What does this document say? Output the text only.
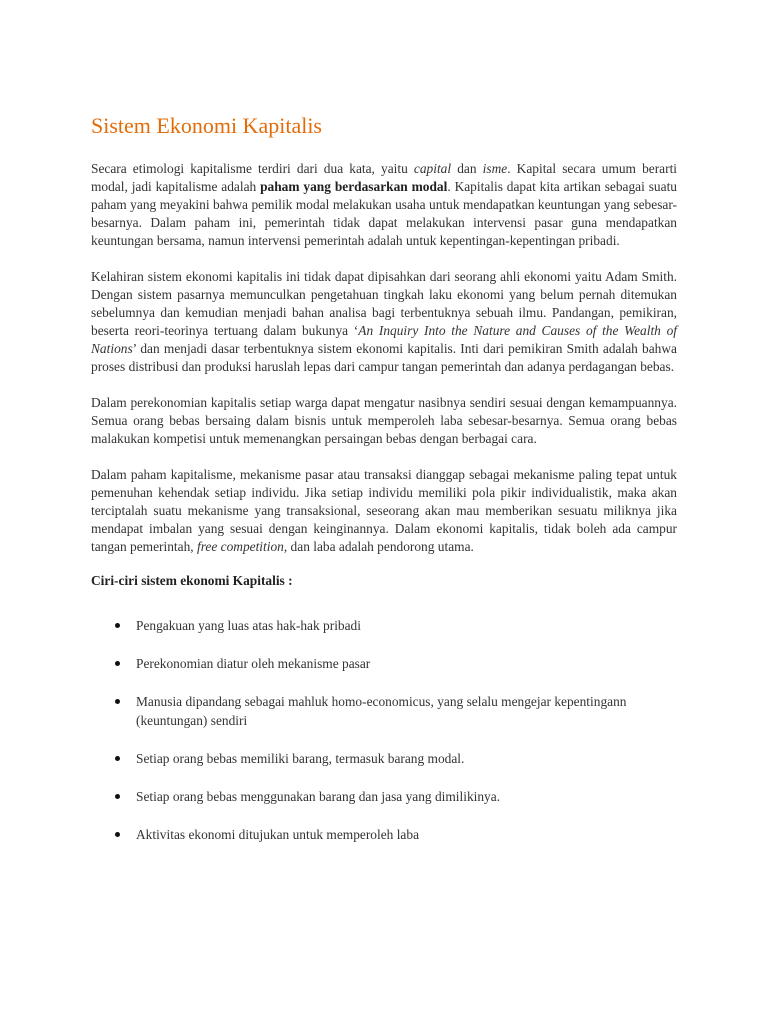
Sistem Ekonomi Kapitalis

Secara etimologi kapitalisme terdiri dari dua kata, yaitu capital dan isme. Kapital secara umum berarti modal, jadi kapitalisme adalah paham yang berdasarkan modal. Kapitalis dapat kita artikan sebagai suatu paham yang meyakini bahwa pemilik modal melakukan usaha untuk mendapatkan keuntungan yang sebesar-besarnya. Dalam paham ini, pemerintah tidak dapat melakukan intervensi pasar guna mendapatkan keuntungan bersama, namun intervensi pemerintah adalah untuk kepentingan-kepentingan pribadi.

Kelahiran sistem ekonomi kapitalis ini tidak dapat dipisahkan dari seorang ahli ekonomi yaitu Adam Smith. Dengan sistem pasarnya memunculkan pengetahuan tingkah laku ekonomi yang belum pernah ditemukan sebelumnya dan kemudian menjadi bahan analisa bagi terbentuknya sebuah ilmu. Pandangan, pemikiran, beserta reori-teorinya tertuang dalam bukunya ‘An Inquiry Into the Nature and Causes of the Wealth of Nations’ dan menjadi dasar terbentuknya sistem ekonomi kapitalis. Inti dari pemikiran Smith adalah bahwa proses distribusi dan produksi haruslah lepas dari campur tangan pemerintah dan adanya perdagangan bebas.

Dalam perekonomian kapitalis setiap warga dapat mengatur nasibnya sendiri sesuai dengan kemampuannya. Semua orang bebas bersaing dalam bisnis untuk memperoleh laba sebesar-besarnya. Semua orang bebas malakukan kompetisi untuk memenangkan persaingan bebas dengan berbagai cara.

Dalam paham kapitalisme, mekanisme pasar atau transaksi dianggap sebagai mekanisme paling tepat untuk pemenuhan kehendak setiap individu. Jika setiap individu memiliki pola pikir individualistik, maka akan terciptalah suatu mekanisme yang transaksional, seseorang akan mau memberikan sesuatu miliknya jika mendapat imbalan yang sesuai dengan keinginannya. Dalam ekonomi kapitalis, tidak boleh ada campur tangan pemerintah, free competition, dan laba adalah pendorong utama.

Ciri-ciri sistem ekonomi Kapitalis :
Pengakuan yang luas atas hak-hak pribadi
Perekonomian diatur oleh mekanisme pasar
Manusia dipandang sebagai mahluk homo-economicus, yang selalu mengejar kepentingann (keuntungan) sendiri
Setiap orang bebas memiliki barang, termasuk barang modal.
Setiap orang bebas menggunakan barang dan jasa yang dimilikinya.
Aktivitas ekonomi ditujukan untuk memperoleh laba
